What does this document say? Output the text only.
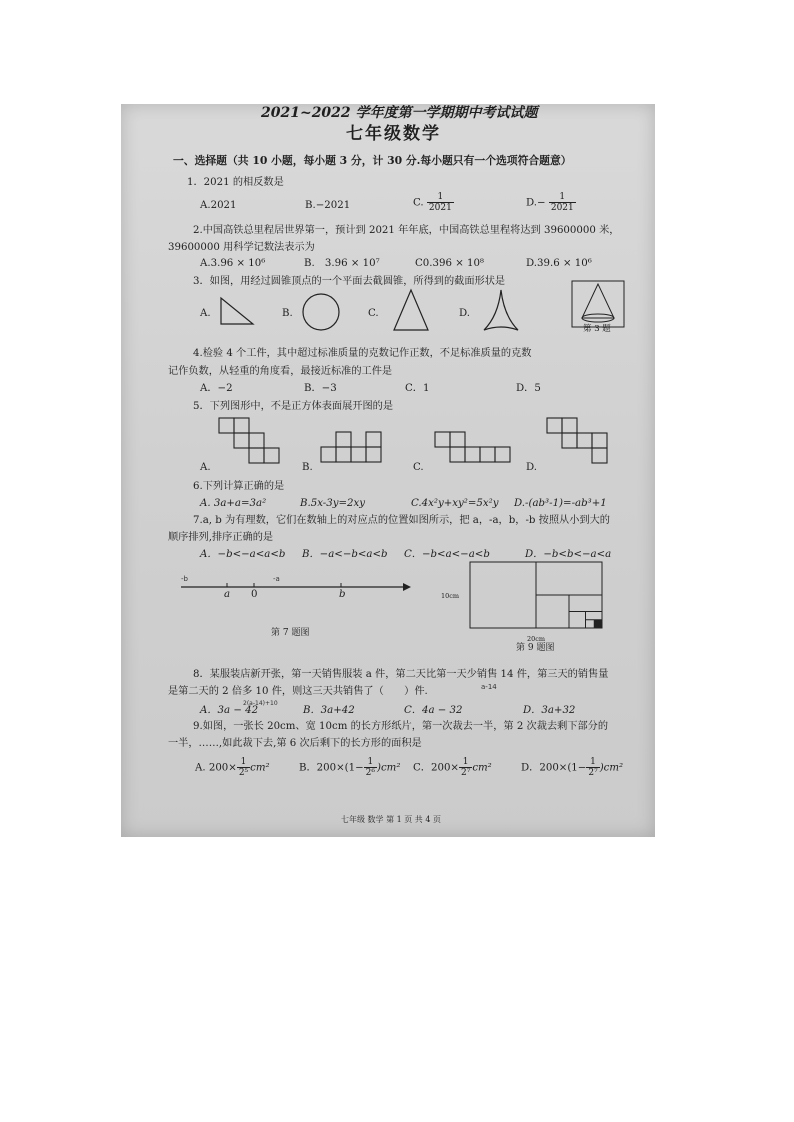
2021~2022 学年度第一学期期中考试试题
七年级数学
一、选择题（共 10 小题，每小题 3 分，计 30 分.每小题只有一个选项符合题意）
1．2021 的相反数是
A.2021	B.−2021	C. $\frac{1}{2021}$	$D.- \frac{1}{2021}$
2.中国高铁总里程居世界第一，预计到 2021 年年底，中国高铁总里程将达到 39600000 米，
39600000 用科学记数法表示为
A.3.96 × 10⁶	B.　3.96 × 10⁷	C0.396 × 10⁸	D.39.6 × 10⁶
3．如图，用经过圆锥顶点的一个平面去截圆锥，所得到的截面形状是
A.	B.	C.	D.
第 3 题
4.检验 4 个工件，其中超过标准质量的克数记作正数，不足标准质量的克数
记作负数，从轻重的角度看，最接近标准的工件是
A．−2	B．−3	C．1	D．5
5．下列图形中，不是正方体表面展开图的是
A.	B.	C.	D.
6.下列计算正确的是
A. 3a+a=3a²	B.5x-3y=2xy	C.4x²y+xy²=5x²y D.-(ab³-1)=-ab³+1
7.a, b 为有理数，它们在数轴上的对应点的位置如图所示，把 a，-a，b，-b 按照从小到大的
顺序排列,排序正确的是
A．−b<−a<a<b B．−a<−b<a<b C．−b<a<−a<b	D．−b<b<−a<a
-b	-a
a 0	b
第 7 题图
10cm
20cm
第 9 题图
8．某服装店新开张，第一天销售服装 a 件，第二天比第一天少销售 14 件，第三天的销售量
是第二天的 2 倍多 10 件，则这三天共销售了（　　）件.	a-14
2(a-14)+10
A．3a − 42	B．3a+42	C．4a − 32	D．3a+32
9.如图，一张长 20cm、宽 10cm 的长方形纸片，第一次裁去一半，第 2 次裁去剩下部分的
一半，……,如此裁下去,第 6 次后剩下的长方形的面积是
A. $200\times \frac{1}{\text{2⁵}} cm^2$	B．$200\times(1- \frac{1}{\text{2⁶}} )cm^2$ C．$200\times \frac{1}{\text{2⁷}} cm^2$	D．$200\times(1- \frac{1}{\text{2⁷}} )cm^2$
七年级 数学 第 1 页 共 4 页
